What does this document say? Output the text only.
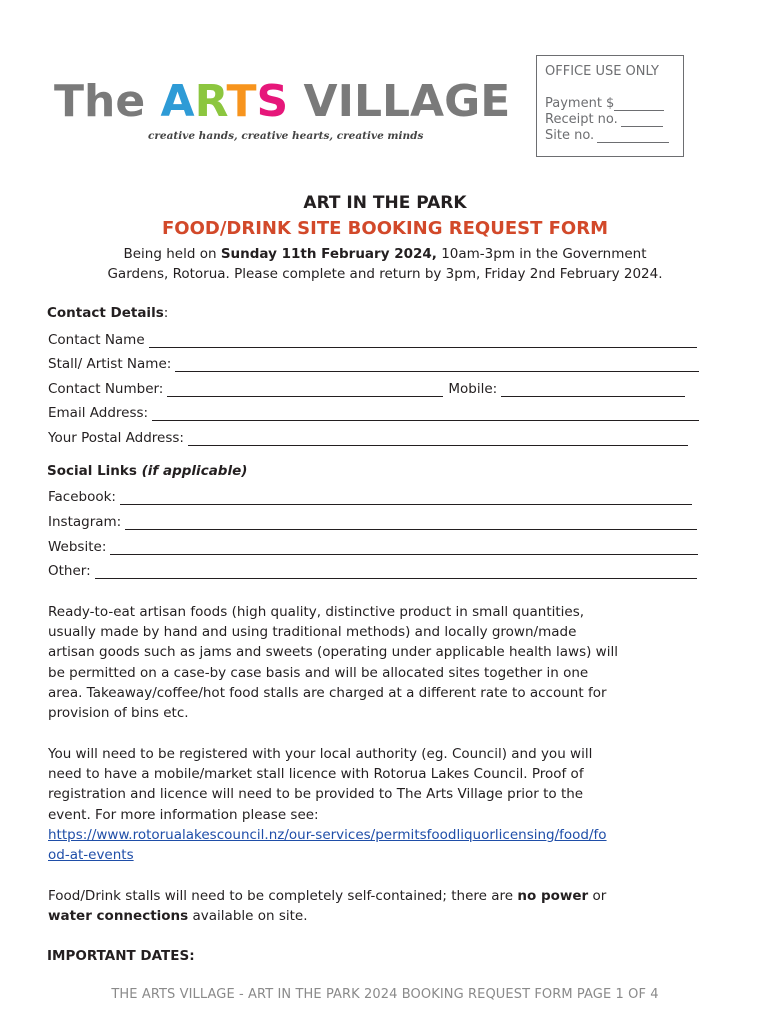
The ARTS VILLAGE
creative hands, creative hearts, creative minds
OFFICE USE ONLY
Payment $
Receipt no.
Site no.
ART IN THE PARK
FOOD/DRINK SITE BOOKING REQUEST FORM
Being held on Sunday 11th February 2024, 10am-3pm in the Government
Gardens, Rotorua. Please complete and return by 3pm, Friday 2nd February 2024.
Contact Details:
Contact Name
Stall/ Artist Name:
Contact Number:	Mobile:
Email Address:
Your Postal Address:
Social Links (if applicable)
Facebook:
Instagram:
Website:
Other:
Ready-to-eat artisan foods (high quality, distinctive product in small quantities,
usually made by hand and using traditional methods) and locally grown/made
artisan goods such as jams and sweets (operating under applicable health laws) will
be permitted on a case-by case basis and will be allocated sites together in one
area. Takeaway/coffee/hot food stalls are charged at a different rate to account for
provision of bins etc.
You will need to be registered with your local authority (eg. Council) and you will
need to have a mobile/market stall licence with Rotorua Lakes Council. Proof of
registration and licence will need to be provided to The Arts Village prior to the
event. For more information please see:
https://www.rotorualakescouncil.nz/our-services/permitsfoodliquorlicensing/food/fo
od-at-events
Food/Drink stalls will need to be completely self-contained; there are no power or
water connections available on site.
IMPORTANT DATES:
THE ARTS VILLAGE - ART IN THE PARK 2024 BOOKING REQUEST FORM PAGE 1 OF 4
